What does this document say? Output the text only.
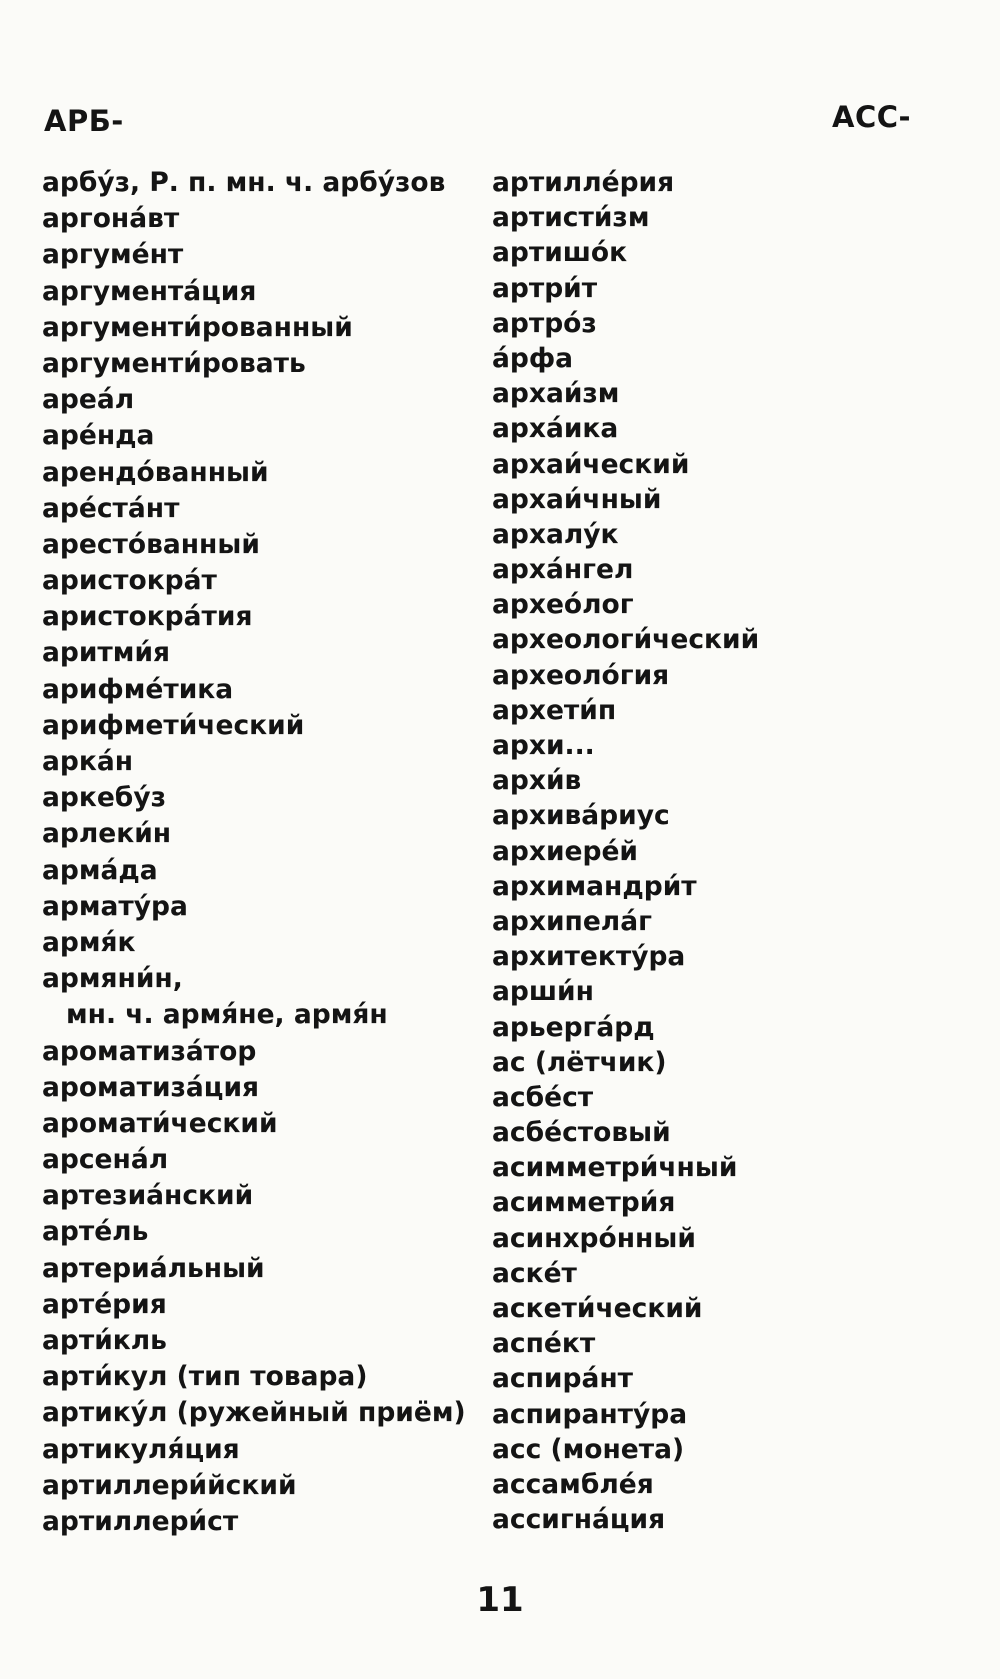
АРБ-	АСС-
арбу́з, Р. п. мн. ч. арбу́зов
аргона́вт
аргуме́нт
аргумента́ция
аргументи́рованный
аргументи́ровать
ареа́л
аре́нда
арендо́ванный
аре́ста́нт
аресто́ванный
аристокра́т
аристокра́тия
аритми́я
арифме́тика
арифмети́ческий
арка́н
аркебу́з
арлеки́н
арма́да
армату́ра
армя́к
армяни́н,
мн. ч. армя́не, армя́н
ароматиза́тор
ароматиза́ция
аромати́ческий
арсена́л
артезиа́нский
арте́ль
артериа́льный
арте́рия
арти́кль
арти́кул (тип товара)
артику́л (ружейный приём)
артикуля́ция
артиллери́йский
артиллери́ст
артилле́рия
артисти́зм
артишо́к
артри́т
артро́з
а́рфа
архаи́зм
арха́ика
архаи́ческий
архаи́чный
архалу́к
арха́нгел
архео́лог
археологи́ческий
археоло́гия
архети́п
архи...
архи́в
архива́риус
архиере́й
архимандри́т
архипела́г
архитекту́ра
арши́н
арьерга́рд
ас (лётчик)
асбе́ст
асбе́стовый
асимметри́чный
асимметри́я
асинхро́нный
аске́т
аскети́ческий
аспе́кт
аспира́нт
аспиранту́ра
асс (монета)
ассамбле́я
ассигна́ция
11
